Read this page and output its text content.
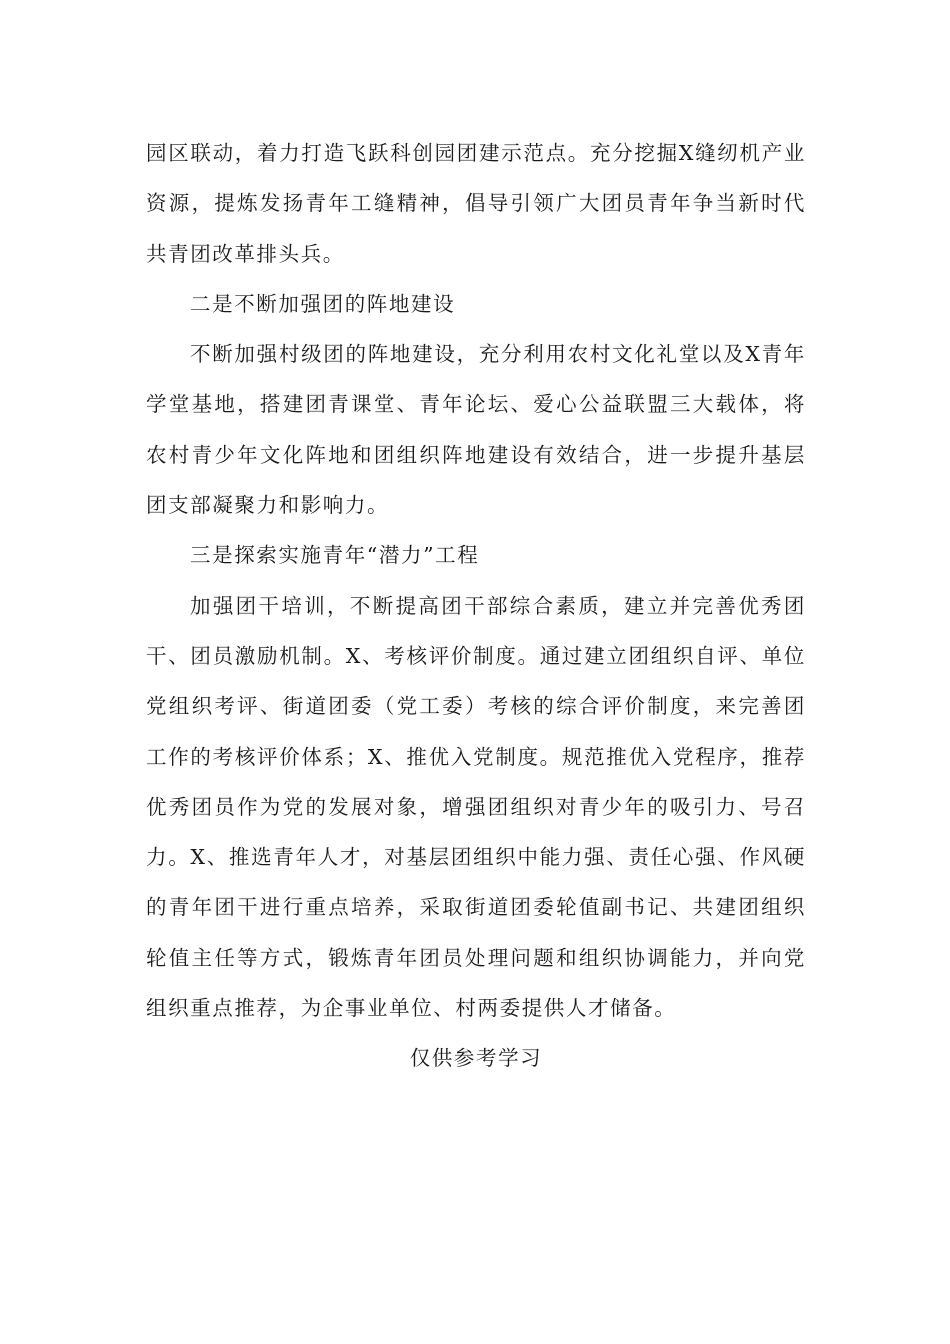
园区联动，着力打造飞跃科创园团建示范点。充分挖掘X缝纫机产业资源，提炼发扬青年工缝精神，倡导引领广大团员青年争当新时代共青团改革排头兵。

二是不断加强团的阵地建设

不断加强村级团的阵地建设，充分利用农村文化礼堂以及X青年学堂基地，搭建团青课堂、青年论坛、爱心公益联盟三大载体，将农村青少年文化阵地和团组织阵地建设有效结合，进一步提升基层团支部凝聚力和影响力。

三是探索实施青年“潜力”工程

加强团干培训，不断提高团干部综合素质，建立并完善优秀团干、团员激励机制。X、考核评价制度。通过建立团组织自评、单位党组织考评、街道团委（党工委）考核的综合评价制度，来完善团工作的考核评价体系；X、推优入党制度。规范推优入党程序，推荐优秀团员作为党的发展对象，增强团组织对青少年的吸引力、号召力。X、推选青年人才，对基层团组织中能力强、责任心强、作风硬的青年团干进行重点培养，采取街道团委轮值副书记、共建团组织轮值主任等方式，锻炼青年团员处理问题和组织协调能力，并向党组织重点推荐，为企事业单位、村两委提供人才储备。

仅供参考学习
